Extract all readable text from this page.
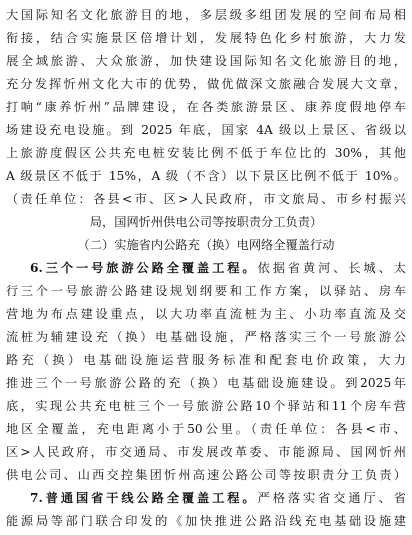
大国际知名文化旅游目的地，多层级多组团发展的空间布局相
衔接，结合实施景区倍增计划，发展特色化乡村旅游，大力发
展全域旅游、大众旅游，加快建设国际知名文化旅游目的地，
充分发挥忻州文化大市的优势，做优做深文旅融合发展大文章，
打响“康养忻州”品牌建设，在各类旅游景区、康养度假地停车
场建设充电设施。到 2025 年底，国家 4A 级以上景区、省级以
上旅游度假区公共充电桩安装比例不低于车位比的 30%，其他
A 级景区不低于 15%，A 级（不含）以下景区比例不低于 10%。
（责任单位：各县<市、区>人民政府，市文旅局、市乡村振兴
局，国网忻州供电公司等按职责分工负责）
（二）实施省内公路充（换）电网络全覆盖行动
6.三个一号旅游公路全覆盖工程。依据省黄河、长城、太
行三个一号旅游公路建设规划纲要和工作方案，以驿站、房车
营地为布点建设重点，以大功率直流桩为主、小功率直流及交
流桩为辅建设充（换）电基础设施，严格落实三个一号旅游公
路充（换）电基础设施运营服务标准和配套电价政策，大力
推进三个一号旅游公路的充（换）电基础设施建设。到2025年
底，实现公共充电桩三个一号旅游公路10个驿站和11个房车营
地区全覆盖，充电距离小于50公里。（责任单位：各县<市、
区>人民政府，市交通局、市发展改革委、市能源局、国网忻州
供电公司、山西交控集团忻州高速公路公司等按职责分工负责）
7.普通国省干线公路全覆盖工程。严格落实省交通厅、省
能源局等部门联合印发的《加快推进公路沿线充电基础设施建
